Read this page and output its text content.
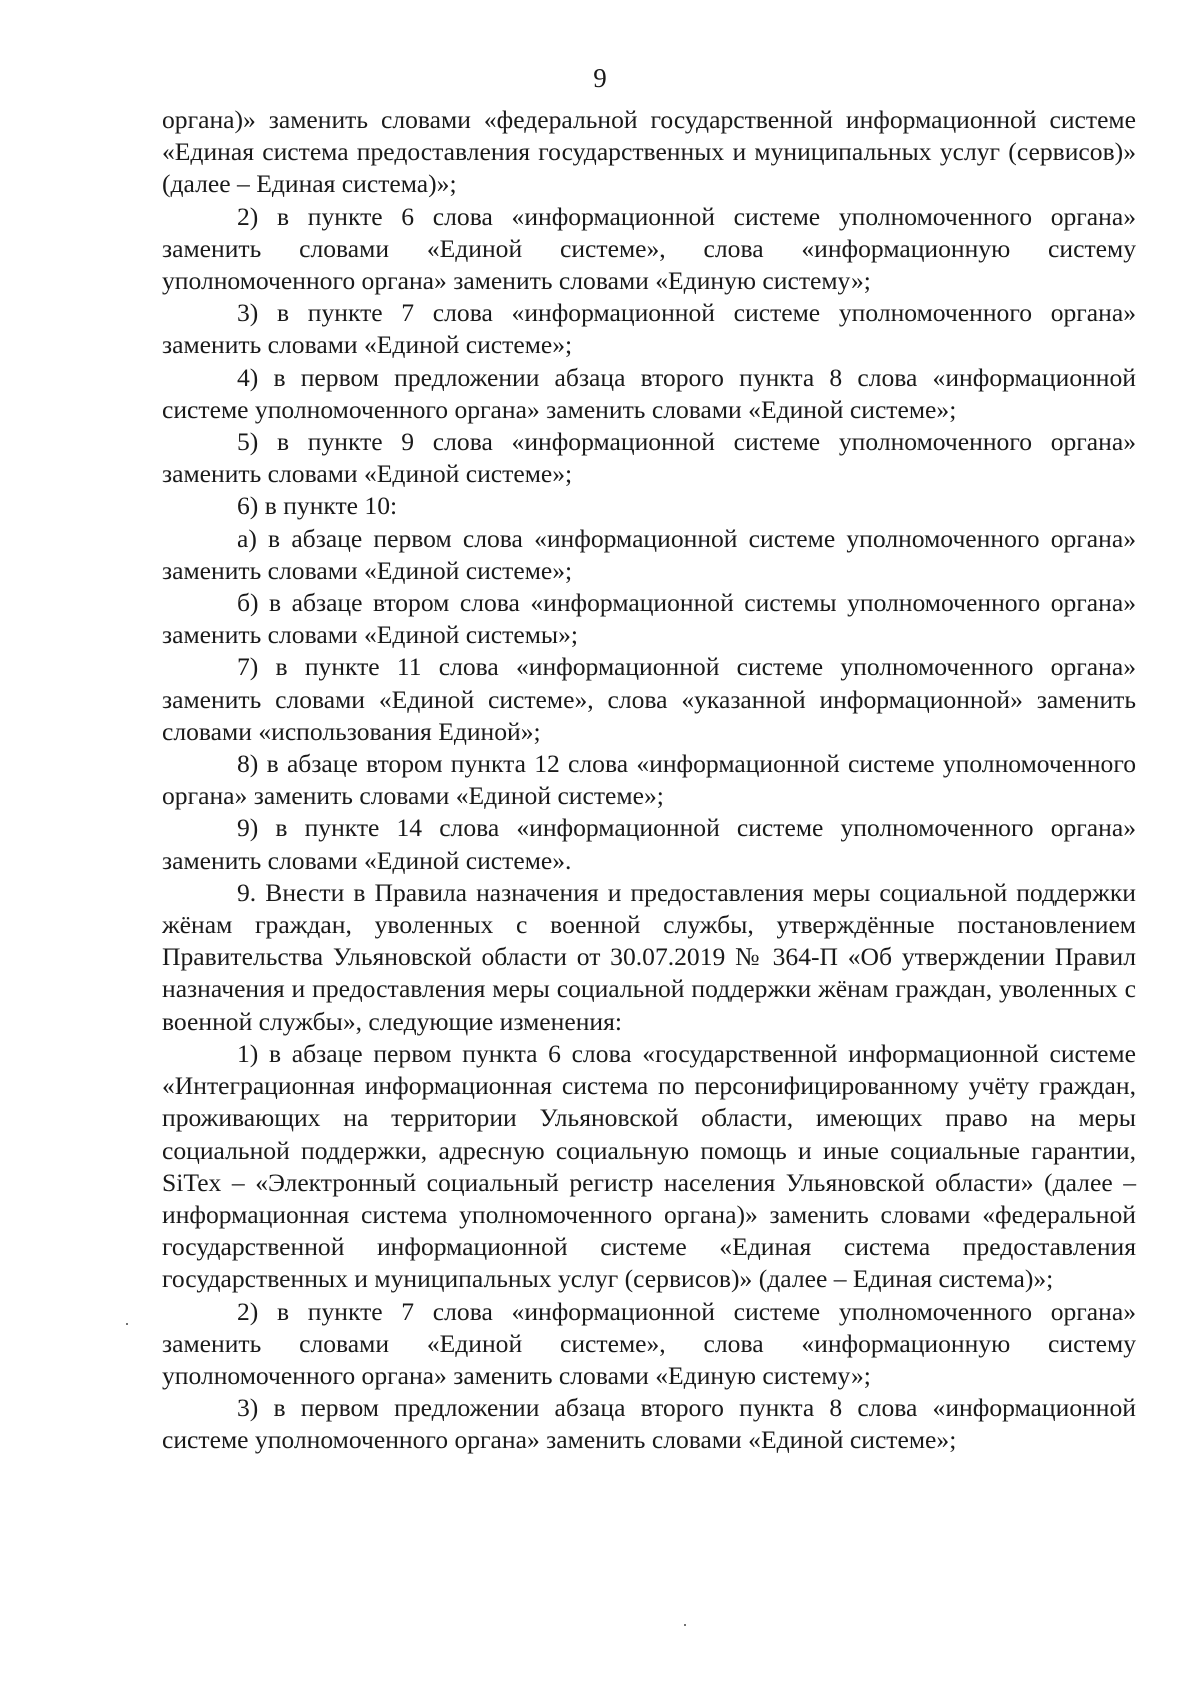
9

органа)» заменить словами «федеральной государственной информационной системе «Единая система предоставления государственных и муниципальных услуг (сервисов)» (далее – Единая система)»;

2) в пункте 6 слова «информационной системе уполномоченного органа» заменить словами «Единой системе», слова «информационную систему уполномоченного органа» заменить словами «Единую систему»;

3) в пункте 7 слова «информационной системе уполномоченного органа» заменить словами «Единой системе»;

4) в первом предложении абзаца второго пункта 8 слова «информационной системе уполномоченного органа» заменить словами «Единой системе»;

5) в пункте 9 слова «информационной системе уполномоченного органа» заменить словами «Единой системе»;

6) в пункте 10:

а) в абзаце первом слова «информационной системе уполномоченного органа» заменить словами «Единой системе»;

б) в абзаце втором слова «информационной системы уполномоченного органа» заменить словами «Единой системы»;

7) в пункте 11 слова «информационной системе уполномоченного органа» заменить словами «Единой системе», слова «указанной информационной» заменить словами «использования Единой»;

8) в абзаце втором пункта 12 слова «информационной системе уполномоченного органа» заменить словами «Единой системе»;

9) в пункте 14 слова «информационной системе уполномоченного органа» заменить словами «Единой системе».

9. Внести в Правила назначения и предоставления меры социальной поддержки жёнам граждан, уволенных с военной службы, утверждённые постановлением Правительства Ульяновской области от 30.07.2019 № 364-П «Об утверждении Правил назначения и предоставления меры социальной поддержки жёнам граждан, уволенных с военной службы», следующие изменения:

1) в абзаце первом пункта 6 слова «государственной информационной системе «Интеграционная информационная система по персонифицированному учёту граждан, проживающих на территории Ульяновской области, имеющих право на меры социальной поддержки, адресную социальную помощь и иные социальные гарантии, SiTex – «Электронный социальный регистр населения Ульяновской области» (далее – информационная система уполномоченного органа)» заменить словами «федеральной государственной информационной системе «Единая система предоставления государственных и муниципальных услуг (сервисов)» (далее – Единая система)»;

2) в пункте 7 слова «информационной системе уполномоченного органа» заменить словами «Единой системе», слова «информационную систему уполномоченного органа» заменить словами «Единую систему»;

3) в первом предложении абзаца второго пункта 8 слова «информационной системе уполномоченного органа» заменить словами «Единой системе»;
